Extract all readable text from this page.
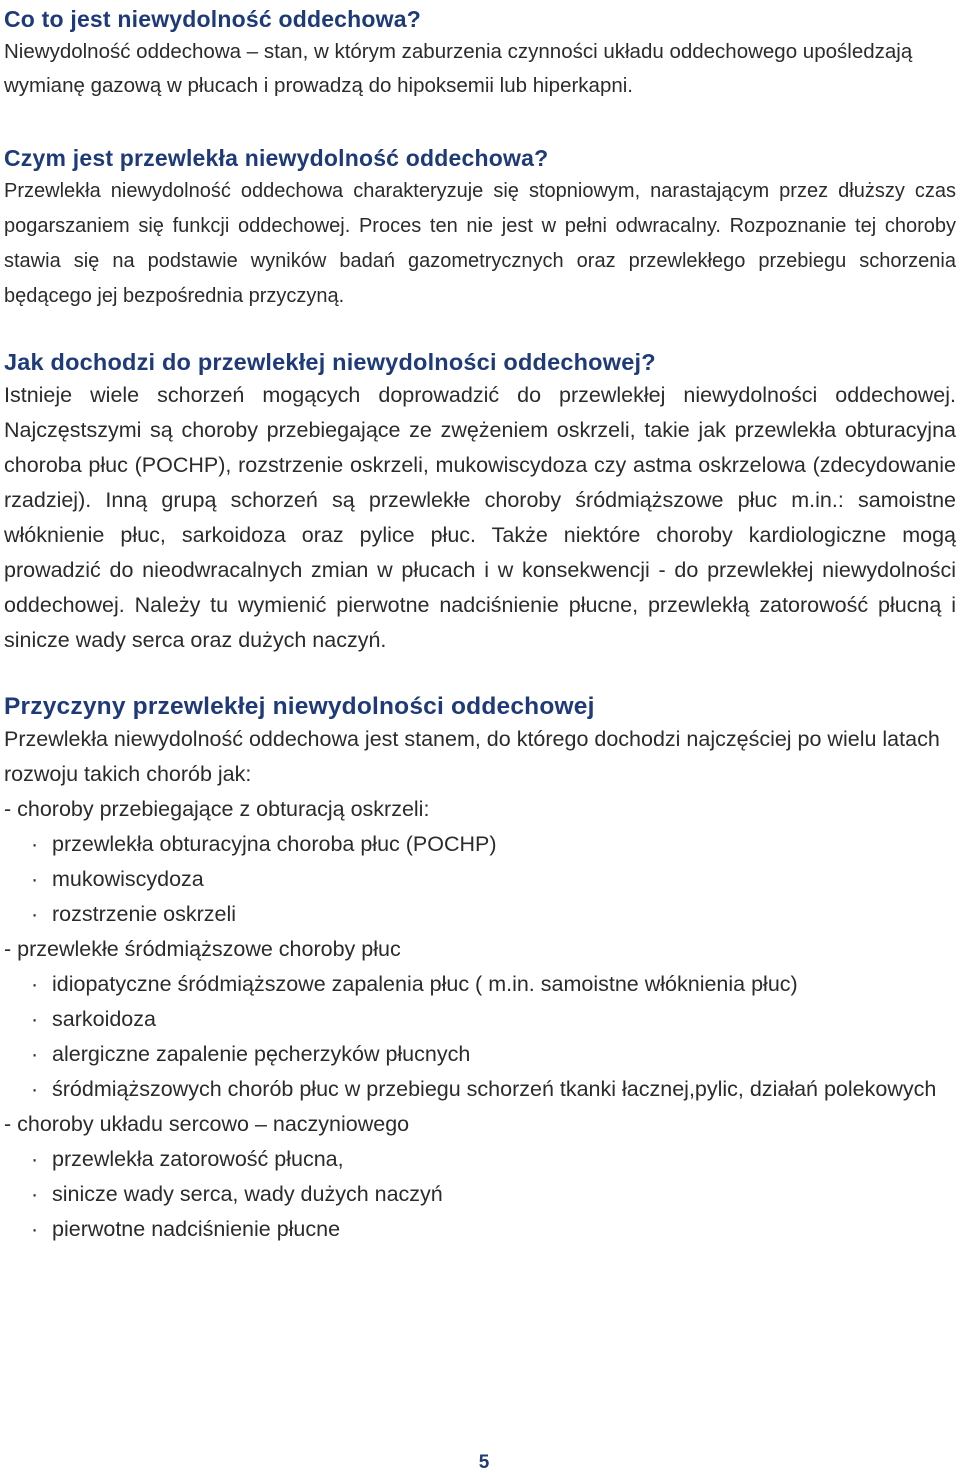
Co to jest niewydolność oddechowa?

Niewydolność oddechowa – stan, w którym zaburzenia czynności układu oddechowego upośledzają wymianę gazową w płucach i prowadzą do hipoksemii lub hiperkapni.

Czym jest przewlekła niewydolność oddechowa?

Przewlekła niewydolność oddechowa charakteryzuje się stopniowym, narastającym przez dłuższy czas pogarszaniem się funkcji oddechowej. Proces ten nie jest w pełni odwracalny. Rozpoznanie tej choroby stawia się na podstawie wyników badań gazometrycznych oraz przewlekłego przebiegu schorzenia będącego jej bezpośrednia przyczyną.

Jak dochodzi do przewlekłej niewydolności oddechowej?

Istnieje wiele schorzeń mogących doprowadzić do przewlekłej niewydolności oddechowej. Najczęstszymi są choroby przebiegające ze zwężeniem oskrzeli, takie jak przewlekła obturacyjna choroba płuc (POCHP), rozstrzenie oskrzeli, mukowiscydoza czy astma oskrzelowa (zdecydowanie rzadziej). Inną grupą schorzeń są przewlekłe choroby śródmiąższowe płuc m.in.: samoistne włóknienie płuc, sarkoidoza oraz pylice płuc. Także niektóre choroby kardiologiczne mogą prowadzić do nieodwracalnych zmian w płucach i w konsekwencji - do przewlekłej niewydolności oddechowej. Należy tu wymienić pierwotne nadciśnienie płucne, przewlekłą zatorowość płucną i sinicze wady serca oraz dużych naczyń.

Przyczyny przewlekłej niewydolności oddechowej

Przewlekła niewydolność oddechowa jest stanem, do którego dochodzi najczęściej po wielu latach rozwoju takich chorób jak:

- choroby przebiegające z obturacją oskrzeli:

· przewlekła obturacyjna choroba płuc (POCHP)
· mukowiscydoza
· rozstrzenie oskrzeli

- przewlekłe śródmiąższowe choroby płuc

· idiopatyczne śródmiąższowe zapalenia płuc ( m.in. samoistne włóknienia płuc)
· sarkoidoza
· alergiczne zapalenie pęcherzyków płucnych
· śródmiąższowych chorób płuc w przebiegu schorzeń tkanki łacznej,pylic, działań polekowych

- choroby układu sercowo – naczyniowego

· przewlekła zatorowość płucna,
· sinicze wady serca, wady dużych naczyń
· pierwotne nadciśnienie płucne
5
